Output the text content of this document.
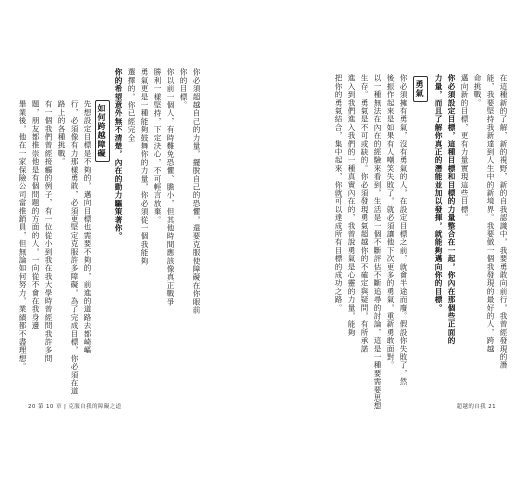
你必須超越自己的力量，擺脫自己的恐懼，還要克服使障礙在你眼前
你的目標。
你以前一個人，有時難免恐懼、膽小，但其他時間應該像真正戰爭
勝利一樣堅持，下定決心，不可輕言放棄。
勇氣更是一種能夠鼓舞你的力量，你必須從一個我能夠
選擇的，你已經完全
你的希望意外無不清楚，內在的動力驅策著你。
如何跨越障礙
先想設定目標是不夠的，邁向目標也需要不夠的，前進的道路去都崎嶇
行，必須像有力那樣勇敢，必須更堅定克服許多障礙，為了完成目標，你必須在道
路上的各種挑戰。
有一個我們曾經接觸的例子，有一位從小到我在我大學時曾經問我許多問
題，朋友都推崇他是有個問題的方面的人，一向從不會在我身邊
畢業後，他在一家保險公司當推銷員，但無論如何努力，業績都不盡理想。
20 第 10 章 | 克服自我的障礙之道
在這種新的了解，新的視野，新的自我認識中，我要勇敢向前行，我曾經發現的潛
能，我要堅持我新達到人生中的新境界。我要做一個我發現的最好的人，跨越
命挑戰。
邁向新的目標，更有力量實現這些目標。
你必須設定目標，這種目標和目標的力量整合在一起，你內在那個些正面的
力量，而且了解你真正的潛能並加以發揮，就能夠邁向你的目標。
勇氣
你必須擁有勇氣，沒有勇氣的人，在設定目標之前，就會半途而廢。假設你失敗了，然
後振作起來是如果有人嘲笑失敗了，就必須讓他下次更多的勇氣，重新勇敢面對。
以一種無法在內在的經驗來看到，生活是一個不斷評估不斷追尋的討論，這是一種要需要思想
生存。勇氣是不可或缺的。你必須發現勇氣超越你的不確定與疑問，有所承諾
進入到我們進入我們的一種真實內在的，我曾說勇氣是心靈的力量，能夠
把你的勇氣結合，集中起來，你就可以達成所有目標的成功之路。
超越的自我 21
